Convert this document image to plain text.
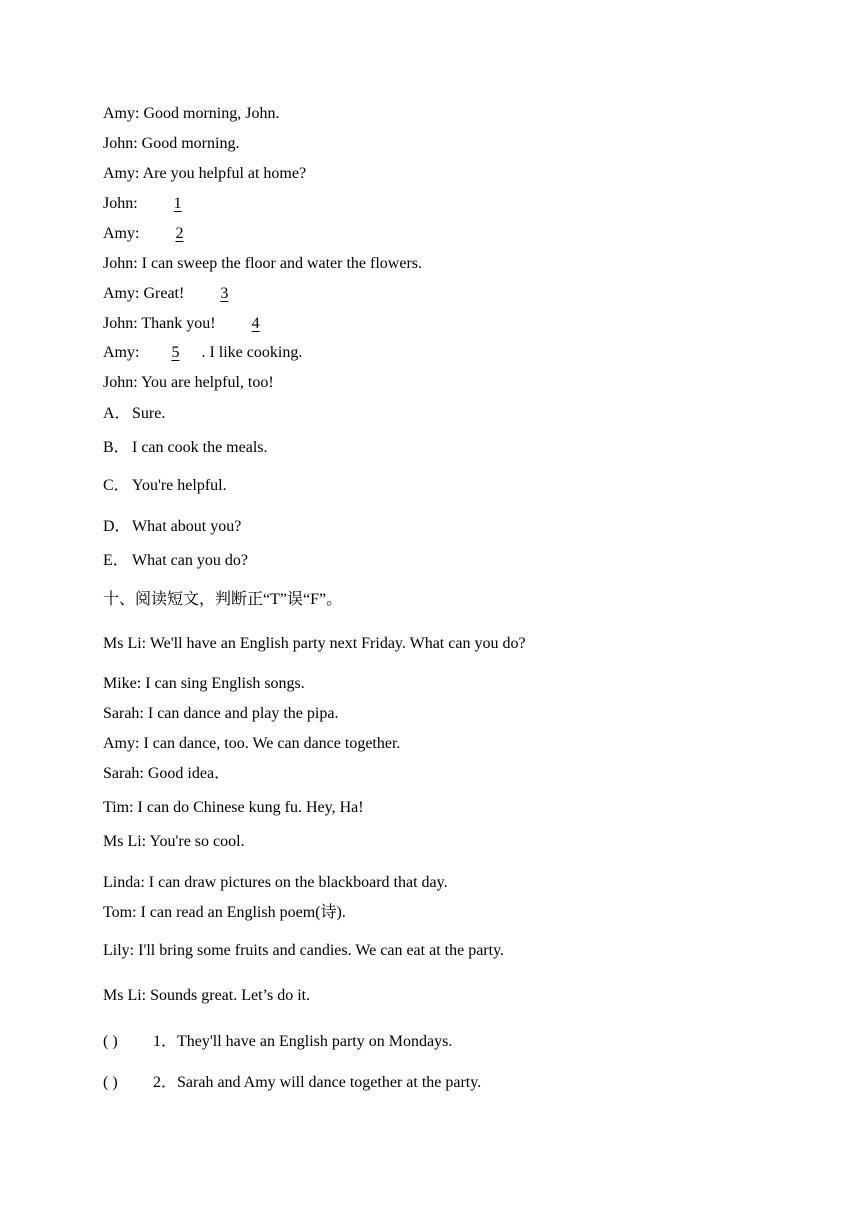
Amy: Good morning, John.
John: Good morning.
Amy: Are you helpful at home?
John: 1
Amy: 2
John: I can sweep the floor and water the flowers.
Amy: Great! 3
John: Thank you! 4
Amy: 5 . I like cooking.
John: You are helpful, too!
A．Sure.
B． I can cook the meals.
C． You're helpful.
D．What about you?
E． What can you do?
十、阅读短文，判断正“T”误“F”。
Ms Li: We'll have an English party next Friday. What can you do?
Mike: I can sing English songs.
Sarah: I can dance and play the pipa.
Amy: I can dance, too. We can dance together.
Sarah: Good idea．
Tim: I can do Chinese kung fu. Hey, Ha!
Ms Li: You're so cool.
Linda: I can draw pictures on the blackboard that day.
Tom: I can read an English poem(诗).
Lily: I'll bring some fruits and candies. We can eat at the party.
Ms Li: Sounds great. Let’s do it.
( ) 1．They'll have an English party on Mondays.
( ) 2．Sarah and Amy will dance together at the party.
